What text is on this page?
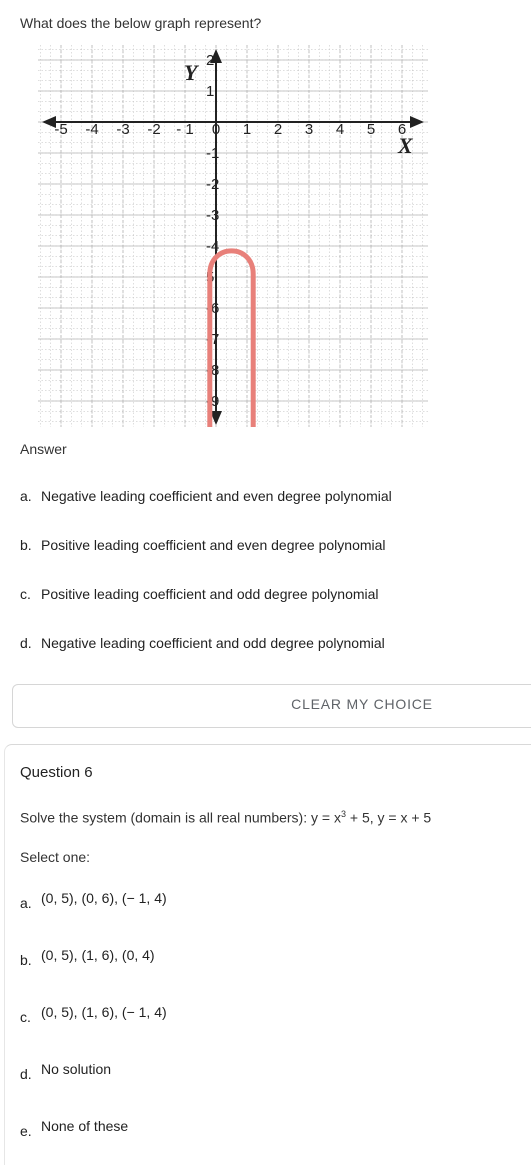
What does the below graph represent?
-5 -4 -3 -2 - 1 0 1 2 3 4 5 6
2
1
-1
-2
-3
-4
5
-6
-7
-8
-9
X
Y
Answer
a. Negative leading coefficient and even degree polynomial
b. Positive leading coefficient and even degree polynomial
c. Positive leading coefficient and odd degree polynomial
d. Negative leading coefficient and odd degree polynomial
CLEAR MY CHOICE
Question 6
Solve the system (domain is all real numbers): $y = x^3 + 5$, y = x + 5
Select one:
a. (0, 5), (0, 6), (− 1, 4)
b. (0, 5), (1, 6), (0, 4)
c. (0, 5), (1, 6), (− 1, 4)
d. No solution
e. None of these
